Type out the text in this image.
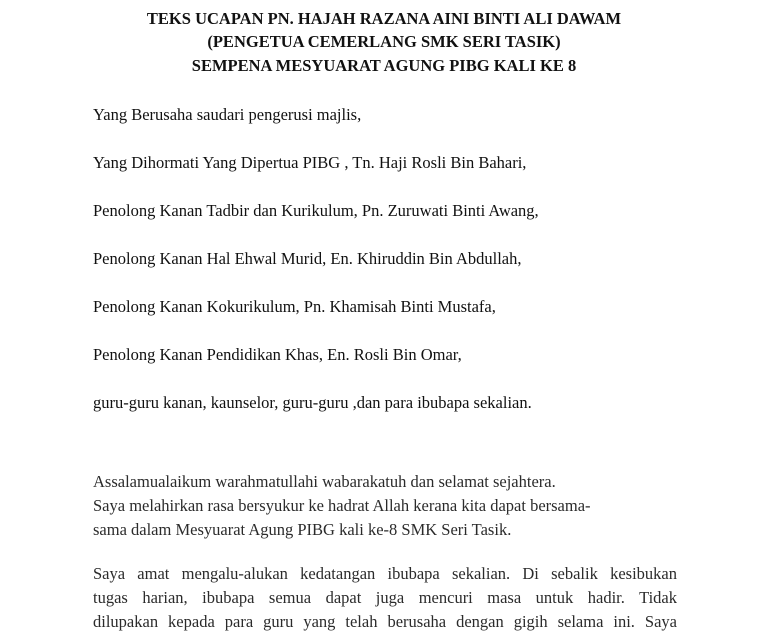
TEKS UCAPAN PN. HAJAH RAZANA AINI BINTI ALI DAWAM

(PENGETUA CEMERLANG SMK SERI TASIK)

SEMPENA MESYUARAT AGUNG PIBG KALI KE 8

Yang Berusaha saudari pengerusi majlis,

Yang Dihormati Yang Dipertua PIBG , Tn. Haji Rosli Bin Bahari,

Penolong Kanan Tadbir dan Kurikulum, Pn. Zuruwati Binti Awang,

Penolong Kanan Hal Ehwal Murid, En. Khiruddin Bin Abdullah,

Penolong Kanan Kokurikulum, Pn. Khamisah Binti Mustafa,

Penolong Kanan Pendidikan Khas, En. Rosli Bin Omar,

guru-guru kanan, kaunselor, guru-guru ,dan para ibubapa sekalian.

Assalamualaikum warahmatullahi wabarakatuh dan selamat sejahtera.
Saya melahirkan rasa bersyukur ke hadrat Allah kerana kita dapat bersama-
sama dalam Mesyuarat Agung PIBG kali ke-8 SMK Seri Tasik.
Saya amat mengalu-alukan kedatangan ibubapa sekalian. Di sebalik kesibukan
tugas harian, ibubapa semua dapat juga mencuri masa untuk hadir. Tidak
dilupakan kepada para guru yang telah berusaha dengan gigih selama ini. Saya
